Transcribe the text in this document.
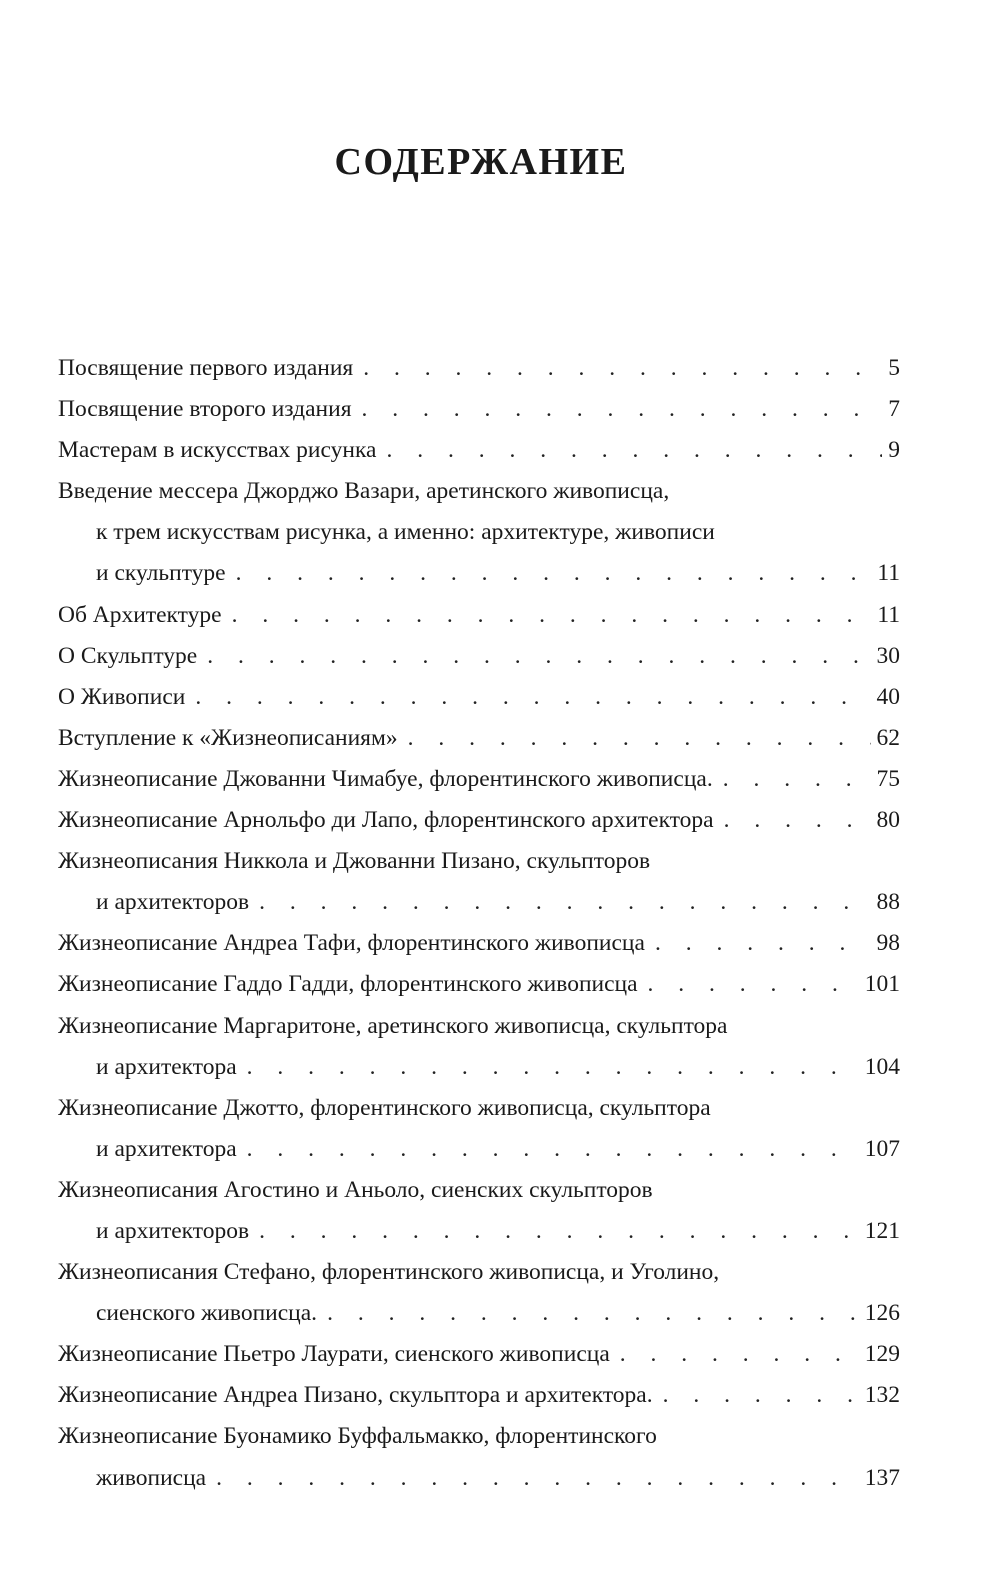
СОДЕРЖАНИЕ
Посвящение первого издания . . .	5
Посвящение второго издания . . .	7
Мастерам в искусствах рисунка . . .	9
Введение мессера Джорджо Вазари, аретинского живописца,
к трем искусствам рисунка, а именно: архитектуре, живописи
и скульптуре . . .	11
Об Архитектуре . . .	11
О Скульптуре . . .	30
О Живописи . . .	40
Вступление к «Жизнеописаниям» . . .	62
Жизнеописание Джованни Чимабуе, флорентинского живописца. . . .	75
Жизнеописание Арнольфо ди Лапо, флорентинского архитектора . . .	80
Жизнеописания Никкола и Джованни Пизано, скульпторов
и архитекторов . . .	88
Жизнеописание Андреа Тафи, флорентинского живописца . . .	98
Жизнеописание Гаддо Гадди, флорентинского живописца . . .	101
Жизнеописание Маргаритоне, аретинского живописца, скульптора
и архитектора . . .	104
Жизнеописание Джотто, флорентинского живописца, скульптора
и архитектора . . .	107
Жизнеописания Агостино и Аньоло, сиенских скульпторов
и архитекторов . . .	121
Жизнеописания Стефано, флорентинского живописца, и Уголино,
сиенского живописца. . . .	126
Жизнеописание Пьетро Лаурати, сиенского живописца . . .	129
Жизнеописание Андреа Пизано, скульптора и архитектора. . . .	132
Жизнеописание Буонамико Буффальмакко, флорентинского
живописца . . .	137
